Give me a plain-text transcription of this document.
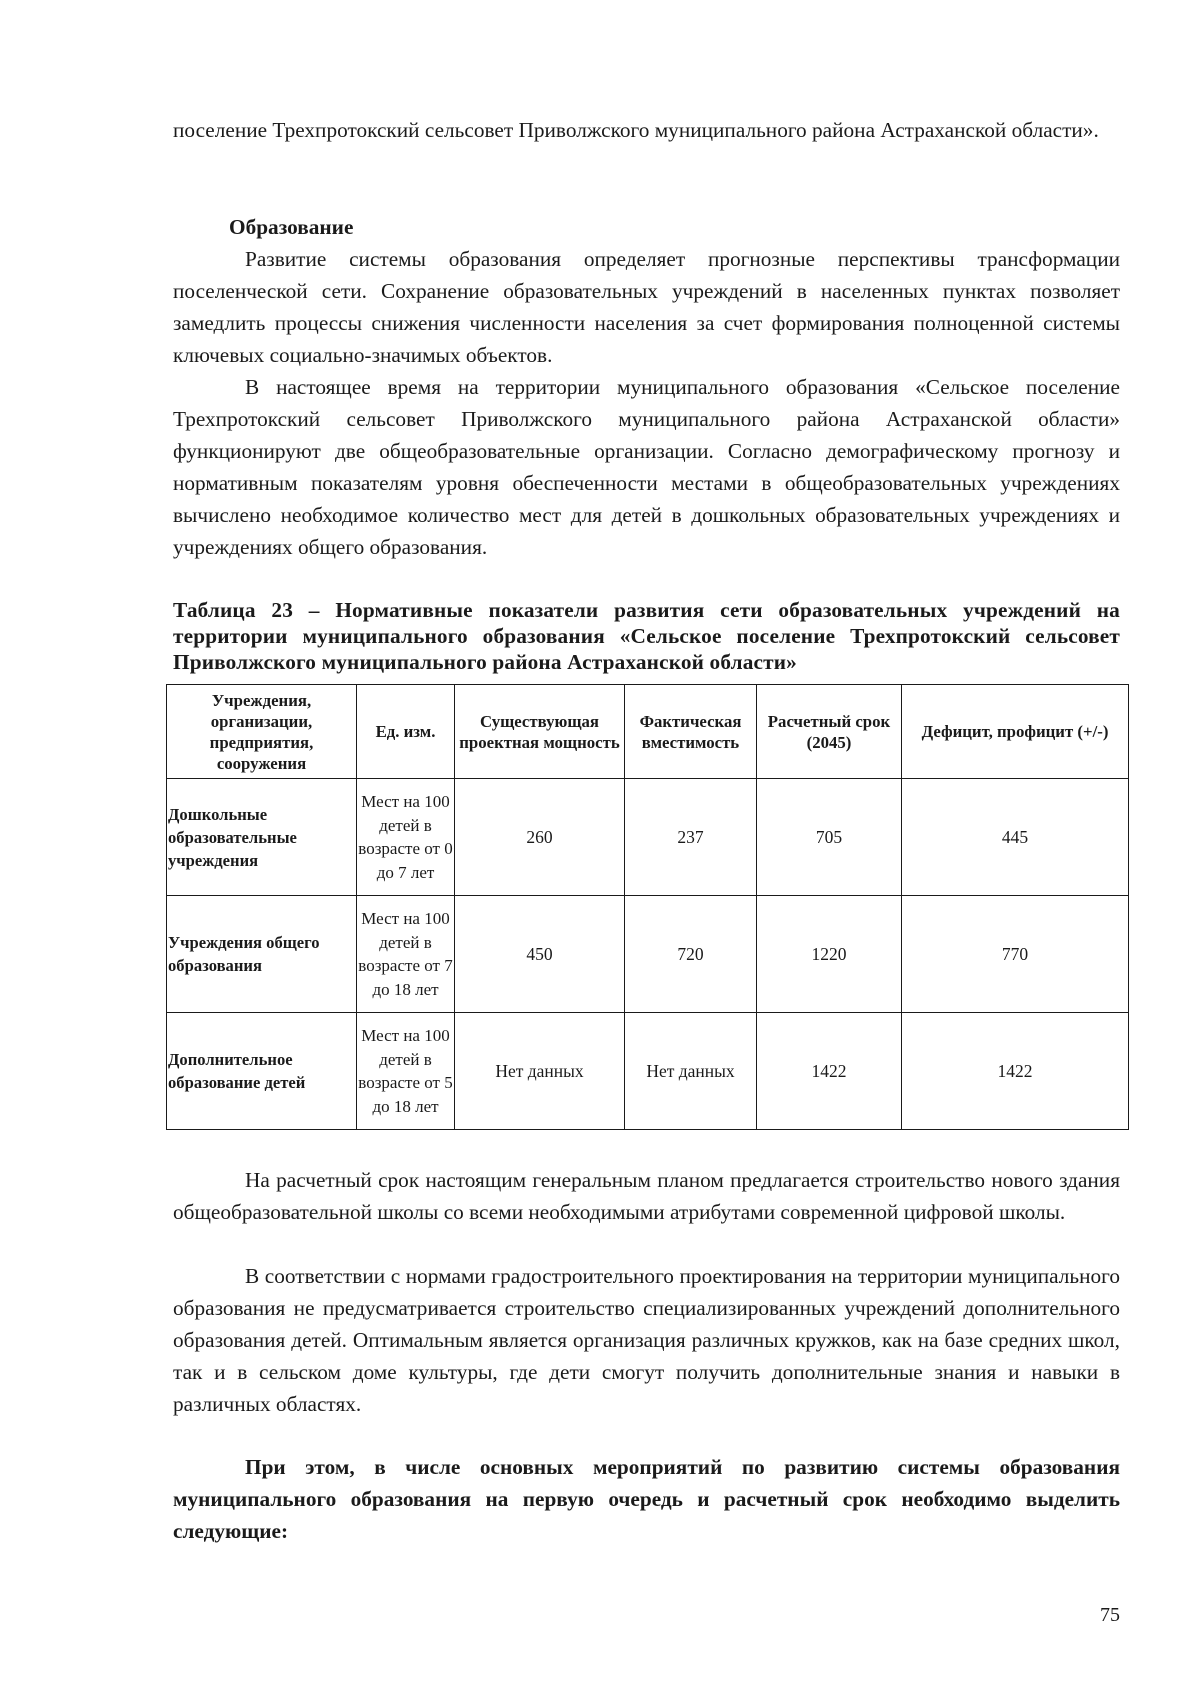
поселение Трехпротокский сельсовет Приволжского муниципального района Астраханской области».

Образование

Развитие системы образования определяет прогнозные перспективы трансформации поселенческой сети. Сохранение образовательных учреждений в населенных пунктах позволяет замедлить процессы снижения численности населения за счет формирования полноценной системы ключевых социально-значимых объектов.

В настоящее время на территории муниципального образования «Сельское поселение Трехпротокский сельсовет Приволжского муниципального района Астраханской области» функционируют две общеобразовательные организации. Согласно демографическому прогнозу и нормативным показателям уровня обеспеченности местами в общеобразовательных учреждениях вычислено необходимое количество мест для детей в дошкольных образовательных учреждениях и учреждениях общего образования.

Таблица 23 – Нормативные показатели развития сети образовательных учреждений на территории муниципального образования «Сельское поселение Трехпротокский сельсовет Приволжского муниципального района Астраханской области»

Учреждения, организации, предприятия, сооружения	Ед. изм.	Существующая проектная мощность	Фактическая вместимость	Расчетный срок (2045)	Дефицит, профицит (+/-)
Дошкольные образовательные учреждения	Мест на 100 детей в возрасте от 0 до 7 лет	260	237	705	445
Учреждения общего образования	Мест на 100 детей в возрасте от 7 до 18 лет	450	720	1220	770
Дополнительное образование детей	Мест на 100 детей в возрасте от 5 до 18 лет	Нет данных	Нет данных	1422	1422

На расчетный срок настоящим генеральным планом предлагается строительство нового здания общеобразовательной школы со всеми необходимыми атрибутами современной цифровой школы.

В соответствии с нормами градостроительного проектирования на территории муниципального образования не предусматривается строительство специализированных учреждений дополнительного образования детей. Оптимальным является организация различных кружков, как на базе средних школ, так и в сельском доме культуры, где дети смогут получить дополнительные знания и навыки в различных областях.

При этом, в числе основных мероприятий по развитию системы образования муниципального образования на первую очередь и расчетный срок необходимо выделить следующие:

75
